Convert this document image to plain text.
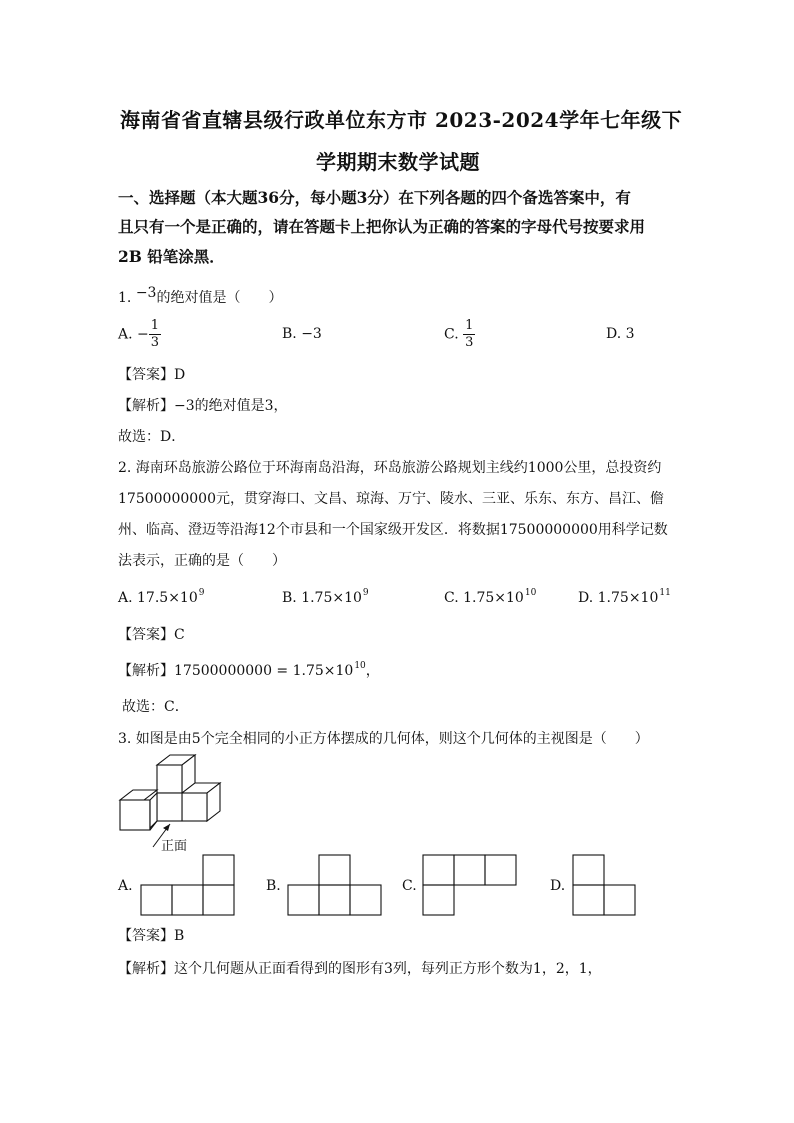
海南省省直辖县级行政单位东方市 2023-2024学年七年级下
学期期末数学试题
一、选择题（本大题36分，每小题3分）在下列各题的四个备选答案中，有
且只有一个是正确的，请在答题卡上把你认为正确的答案的字母代号按要求用
2B 铅笔涂黑．
1. −3的绝对值是（　　）
A. − $\frac{1}{3}$	B. −3	C. $\frac{1}{3}$	D. 3
【答案】D
【解析】−3的绝对值是3，
故选：D．
2. 海南环岛旅游公路位于环海南岛沿海，环岛旅游公路规划主线约1000公里，总投资约
17500000000元，贯穿海口、文昌、琼海、万宁、陵水、三亚、乐东、东方、昌江、儋
州、临高、澄迈等沿海12个市县和一个国家级开发区．将数据17500000000用科学记数
法表示，正确的是（　　）
A. $17.5\times 10^9$	B. $1.75\times 10^9$	C. $1.75\times 10^{10}$	D. $1.75\times 10^{11}$
【答案】C
【解析】$17500000000 = 1.75\times 10^{10}$，
故选：C．
3. 如图是由5个完全相同的小正方体摆成的几何体，则这个几何体的主视图是（　　）
正面
A.	B.	C.	D.
【答案】B
【解析】这个几何题从正面看得到的图形有3列，每列正方形个数为1，2，1，
